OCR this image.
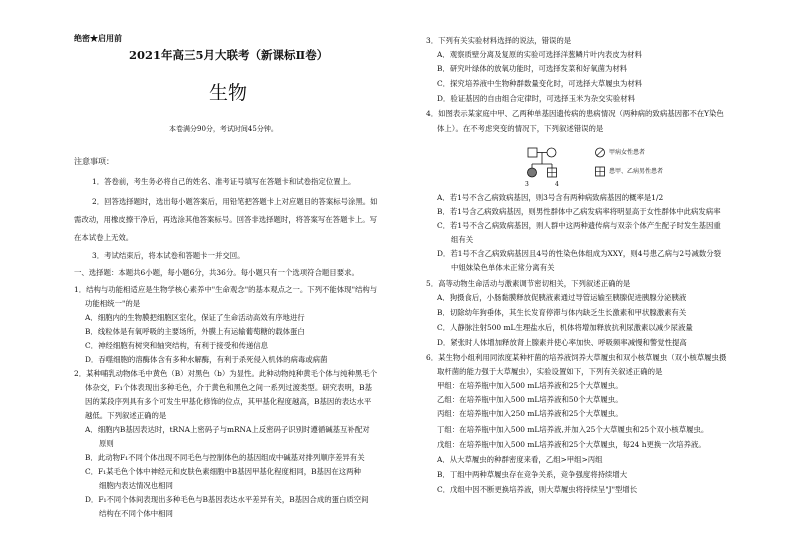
绝密★启用前
2021年高三5月大联考（新课标Ⅱ卷）
生物
本卷满分90分，考试时间45分钟。
注意事项：
1．答卷前，考生务必将自己的姓名、准考证号填写在答题卡和试卷指定位置上。
2．回答选择题时，选出每小题答案后，用铅笔把答题卡上对应题目的答案标号涂黑。如
需改动，用橡皮擦干净后，再选涂其他答案标号。回答非选择题时，将答案写在答题卡上。写
在本试卷上无效。
3．考试结束后，将本试卷和答题卡一并交回。
一、选择题：本题共6小题，每小题6分，共36分。每小题只有一个选项符合题目要求。
1．结构与功能相适应是生物学核心素养中"生命观念"的基本观点之一。下列不能体现"结构与
功能相统一"的是
A．细胞内的生物膜把细胞区室化，保证了生命活动高效有序地进行
B．线粒体是有氧呼吸的主要场所，外膜上有运输葡萄糖的载体蛋白
C．神经细胞有树突和轴突结构，有利于接受和传递信息
D．吞噬细胞的溶酶体含有多种水解酶，有利于杀死侵入机体的病毒或病菌
2．某种哺乳动物体毛中黄色（B）对黑色（b）为显性。此种动物纯种黄毛个体与纯种黑毛个
体杂交，F₁个体表现出多种毛色，介于黄色和黑色之间一系列过渡类型。研究表明，B基
因的某段序列具有多个可发生甲基化修饰的位点，其甲基化程度越高，B基因的表达水平
越低。下列叙述正确的是
A．细胞内B基因表达时，tRNA上密码子与mRNA上反密码子识别时遵循碱基互补配对
原则
B．此动物F₁不同个体出现不同毛色与控制体色的基因组成中碱基对排列顺序差异有关
C．F₁某毛色个体中神经元和皮肤色素细胞中B基因甲基化程度相同，B基因在这两种
细胞内表达情况也相同
D．F₁不同个体间表现出多种毛色与B基因表达水平差异有关，B基因合成的蛋白质空间
结构在不同个体中相同
3．下列有关实验材料选择的说法，错误的是
A．观察质壁分离及复原的实验可选择洋葱鳞片叶内表皮为材料
B．研究叶绿体的放氧功能时，可选择发菜和好氧菌为材料
C．探究培养液中生物种群数量变化时，可选择大草履虫为材料
D．验证基因的自由组合定律时，可选择玉米为杂交实验材料
4．如图表示某家庭中甲、乙两种单基因遗传病的患病情况（两种病的致病基因都不在Y染色
体上）。在不考虑突变的情况下，下列叙述错误的是
3	4
甲病女性患者
患甲、乙病男性患者
A．若1号不含乙病致病基因，则3号含有两种病致病基因的概率是1/2
B．若1号含乙病致病基因，则男性群体中乙病发病率将明显高于女性群体中此病发病率
C．若1号不含乙病致病基因，则人群中这两种遗传病与双亲个体产生配子时发生基因重
组有关
D．若1号不含乙病致病基因且4号的性染色体组成为XXY，则4号患乙病与2号减数分裂
中姐妹染色单体未正常分离有关
5．高等动物生命活动与激素调节密切相关，下列叙述正确的是
A．狗摄食后，小肠黏膜释放促胰液素通过导管运输至胰腺促进胰腺分泌胰液
B．切除幼年狗垂体，其生长发育停滞与体内缺乏生长激素和甲状腺激素有关
C．人静脉注射500 mL生理盐水后，机体将增加释放抗利尿激素以减少尿液量
D．紧张时人体增加释放肾上腺素并使心率加快、呼吸频率减慢和警觉性提高
6．某生物小组利用同浓度某种杆菌的培养液饲养大草履虫和双小核草履虫（双小核草履虫摄
取杆菌的能力强于大草履虫），实验设置如下，下列有关叙述正确的是
甲组：在培养瓶中加入500 mL培养液和25个大草履虫。
乙组：在培养瓶中加入500 mL培养液和50个大草履虫。
丙组：在培养瓶中加入250 mL培养液和25个大草履虫。
丁组：在培养瓶中加入500 mL培养液,并加入25个大草履虫和25个双小核草履虫。
戊组：在培养瓶中加入500 mL培养液和25个大草履虫，每24 h更换一次培养液。
A．从大草履虫的种群密度来看，乙组>甲组>丙组
B．丁组中两种草履虫存在竞争关系，竞争强度将持续增大
C．戊组中因不断更换培养液，则大草履虫将持续呈"J"型增长
